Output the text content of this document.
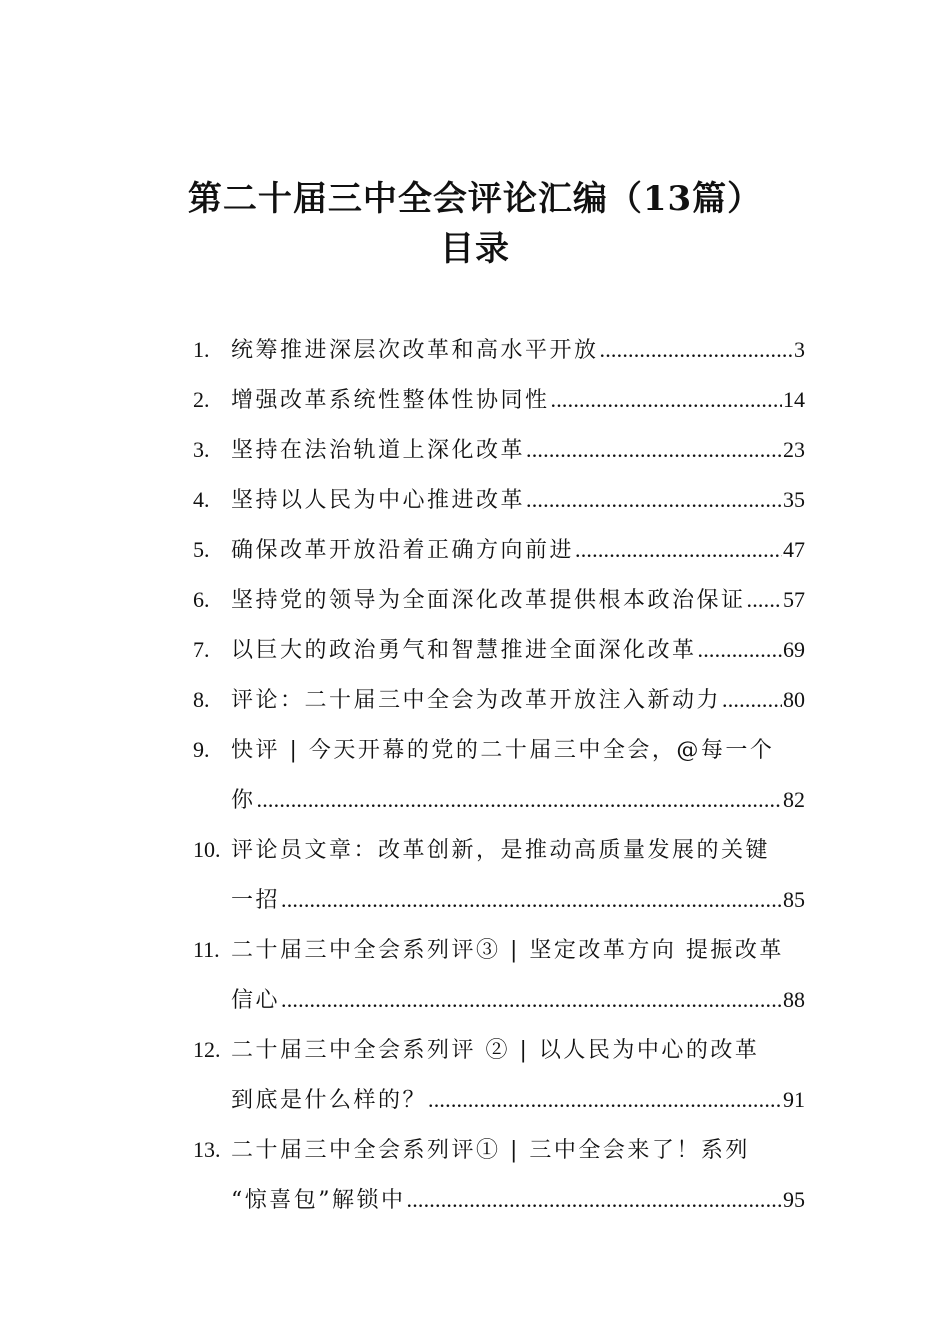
第二十届三中全会评论汇编（13篇）
目录
1. 统筹推进深层次改革和高水平开放 .....	3
2. 增强改革系统性整体性协同性 .....	14
3. 坚持在法治轨道上深化改革 .....	23
4. 坚持以人民为中心推进改革 .....	35
5. 确保改革开放沿着正确方向前进 .....	47
6. 坚持党的领导为全面深化改革提供根本政治保证 ..... 57
7. 以巨大的政治勇气和智慧推进全面深化改革 .....	69
8. 评论：二十届三中全会为改革开放注入新动力 .....	80
9. 快评 | 今天开幕的党的二十届三中全会，@每一个
你 .....	82
10. 评论员文章：改革创新，是推动高质量发展的关键
一招 .....	85
11. 二十届三中全会系列评③ | 坚定改革方向 提振改革
信心 .....	88
12. 二十届三中全会系列评 ② | 以人民为中心的改革
到底是什么样的？ .....	91
13. 二十届三中全会系列评① | 三中全会来了！系列
“惊喜包”解锁中 .....	95
